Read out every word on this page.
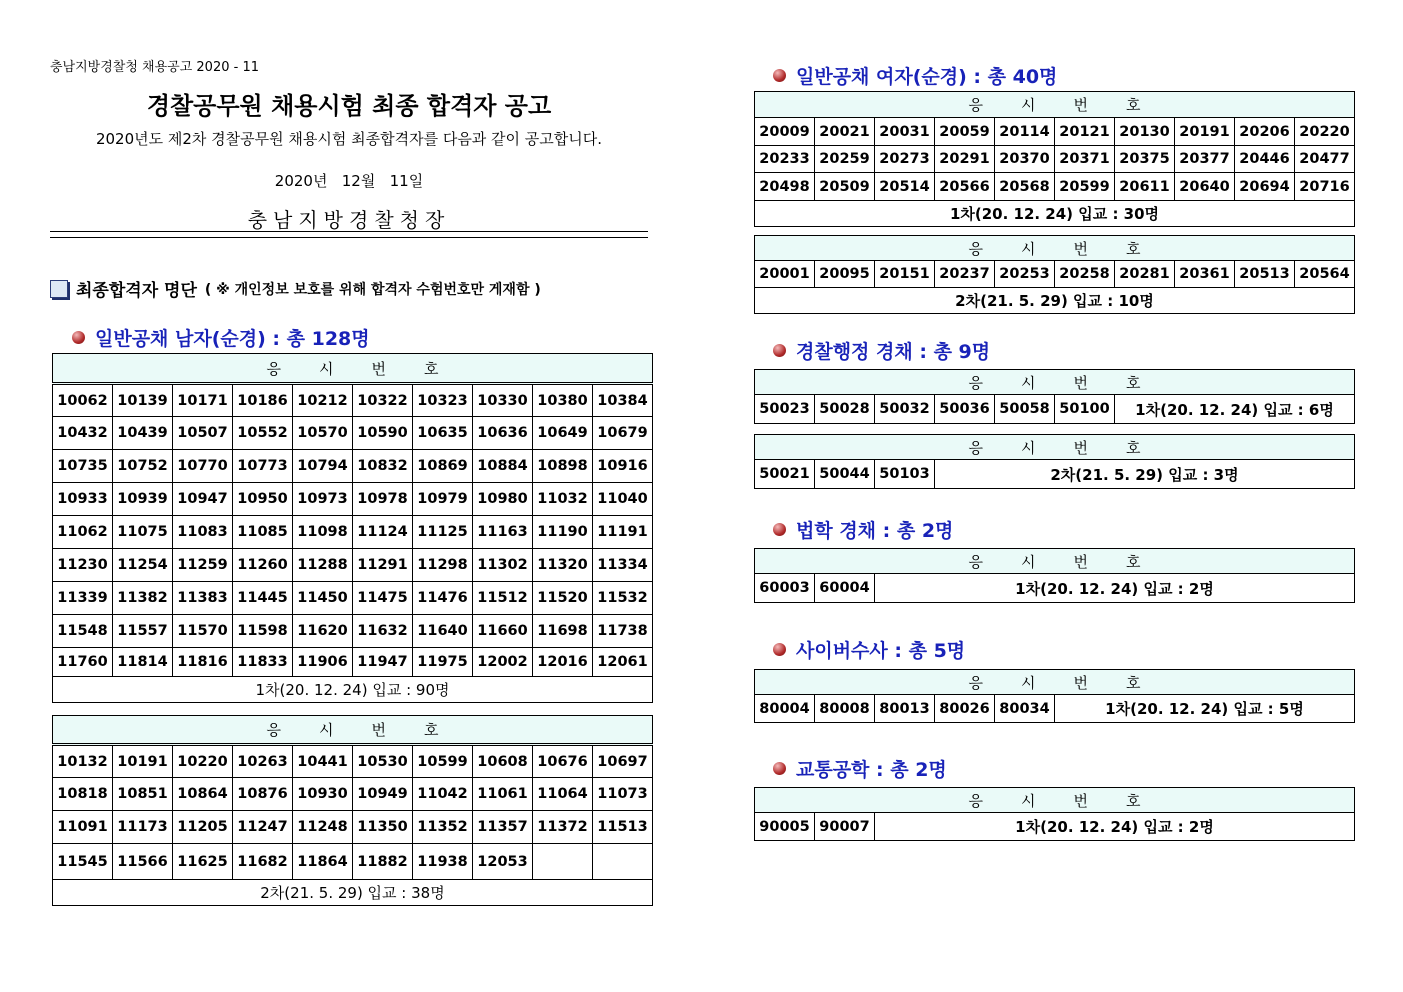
충남지방경찰청 채용공고 2020 - 11
경찰공무원 채용시험 최종 합격자 공고
2020년도 제2차 경찰공무원 채용시험 최종합격자를 다음과 같이 공고합니다.
2020년   12월   11일
충남지방경찰청장
최종합격자 명단 ( ※ 개인정보 보호를 위해 합격자 수험번호만 게재함 )
일반공채 남자(순경) : 총 128명
일반공채 여자(순경) : 총 40명
경찰행정 경채 : 총 9명
법학 경채 : 총 2명
사이버수사 : 총 5명
교통공학 : 총 2명
응시번호									
10062	10139	10171	10186	10212	10322	10323	10330	10380	10384
10432	10439	10507	10552	10570	10590	10635	10636	10649	10679
10735	10752	10770	10773	10794	10832	10869	10884	10898	10916
10933	10939	10947	10950	10973	10978	10979	10980	11032	11040
11062	11075	11083	11085	11098	11124	11125	11163	11190	11191
11230	11254	11259	11260	11288	11291	11298	11302	11320	11334
11339	11382	11383	11445	11450	11475	11476	11512	11520	11532
11548	11557	11570	11598	11620	11632	11640	11660	11698	11738
11760	11814	11816	11833	11906	11947	11975	12002	12016	12061
1차(20. 12. 24) 입교 : 90명									
응시번호									
10132	10191	10220	10263	10441	10530	10599	10608	10676	10697
10818	10851	10864	10876	10930	10949	11042	11061	11064	11073
11091	11173	11205	11247	11248	11350	11352	11357	11372	11513
11545	11566	11625	11682	11864	11882	11938	12053		
2차(21. 5. 29) 입교 : 38명									
응시번호									
20009	20021	20031	20059	20114	20121	20130	20191	20206	20220
20233	20259	20273	20291	20370	20371	20375	20377	20446	20477
20498	20509	20514	20566	20568	20599	20611	20640	20694	20716
1차(20. 12. 24) 입교 : 30명									
응시번호
20001	20095	20151	20237	20253	20258	20281	20361	20513	20564
2차(21. 5. 29) 입교 : 10명
응시번호
50023	50028	50032	50036	50058	50100	1차(20. 12. 24) 입교 : 6명
응시번호
50021	50044	50103	2차(21. 5. 29) 입교 : 3명
응시번호
60003	60004	1차(20. 12. 24) 입교 : 2명
응시번호
80004	80008	80013	80026	80034	1차(20. 12. 24) 입교 : 5명
응시번호
90005	90007	1차(20. 12. 24) 입교 : 2명
